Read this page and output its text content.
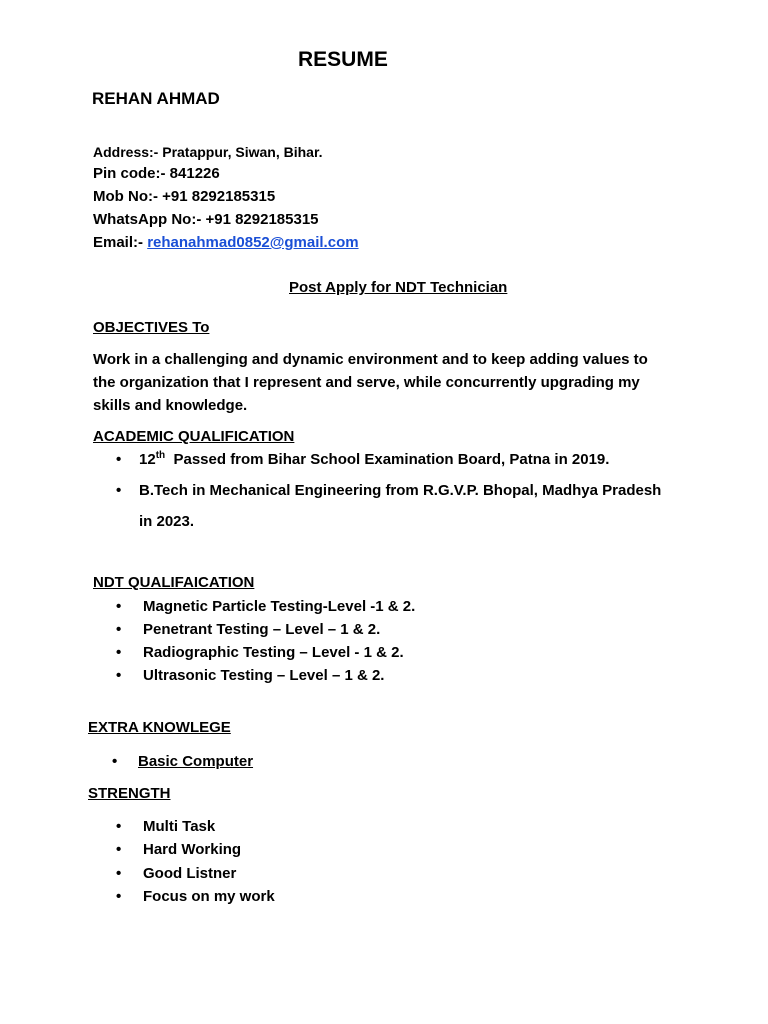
RESUME
REHAN AHMAD
Address:- Pratappur, Siwan, Bihar.
Pin code:- 841226
Mob No:- +91 8292185315
WhatsApp No:- +91 8292185315
Email:- rehanahmad0852@gmail.com
Post Apply for NDT Technician
OBJECTIVES To
Work in a challenging and dynamic environment and to keep adding values to
the organization that I represent and serve, while concurrently upgrading my
skills and knowledge.
ACADEMIC QUALIFICATION
• 12th Passed from Bihar School Examination Board, Patna in 2019.
• B.Tech in Mechanical Engineering from R.G.V.P. Bhopal, Madhya Pradesh
in 2023.
NDT QUALIFAICATION
• Magnetic Particle Testing-Level -1 & 2.
• Penetrant Testing – Level – 1 & 2.
• Radiographic Testing – Level - 1 & 2.
• Ultrasonic Testing – Level – 1 & 2.
EXTRA KNOWLEGE
• Basic Computer
STRENGTH
• Multi Task
• Hard Working
• Good Listner
• Focus on my work
